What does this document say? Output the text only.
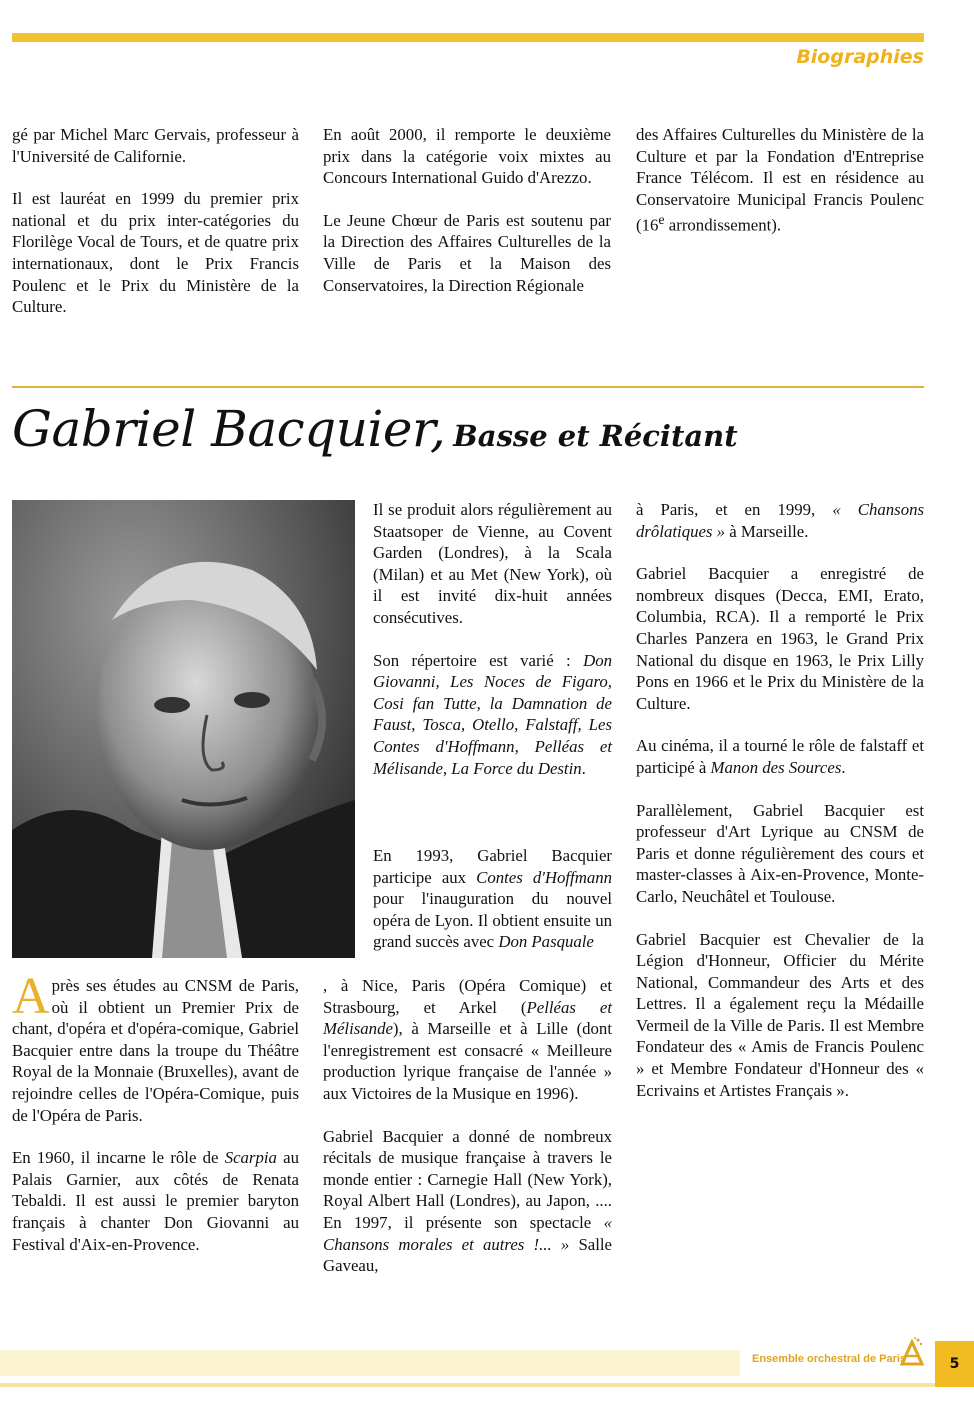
Biographies

gé par Michel Marc Gervais, professeur à l'Université de Californie.

Il est lauréat en 1999 du premier prix national et du prix inter-catégories du Florilège Vocal de Tours, et de quatre prix internationaux, dont le Prix Francis Poulenc et le Prix du Ministère de la Culture.

En août 2000, il remporte le deuxième prix dans la catégorie voix mixtes au Concours International Guido d'Arezzo.

Le Jeune Chœur de Paris est soutenu par la Direction des Affaires Culturelles de la Ville de Paris et la Maison des Conservatoires, la Direction Régionale

des Affaires Culturelles du Ministère de la Culture et par la Fondation d'Entreprise France Télécom. Il est en résidence au Conservatoire Municipal Francis Poulenc (16e arrondissement).

Gabriel Bacquier, Basse et Récitant

Après ses études au CNSM de Paris, où il obtient un Premier Prix de chant, d'opéra et d'opéra-comique, Gabriel Bacquier entre dans la troupe du Théâtre Royal de la Monnaie (Bruxelles), avant de rejoindre celles de l'Opéra-Comique, puis de l'Opéra de Paris.

En 1960, il incarne le rôle de Scarpia au Palais Garnier, aux côtés de Renata Tebaldi. Il est aussi le premier baryton français à chanter Don Giovanni au Festival d'Aix-en-Provence.

Il se produit alors régulièrement au Staatsoper de Vienne, au Covent Garden (Londres), à la Scala (Milan) et au Met (New York), où il est invité dix-huit années consécutives.

Son répertoire est varié : Don Giovanni, Les Noces de Figaro, Cosi fan Tutte, la Damnation de Faust, Tosca, Otello, Falstaff, Les Contes d'Hoffmann, Pelléas et Mélisande, La Force du Destin.

En 1993, Gabriel Bacquier participe aux Contes d'Hoffmann pour l'inauguration du nouvel opéra de Lyon. Il obtient ensuite un grand succès avec Don Pasquale

, à Nice, Paris (Opéra Comique) et Strasbourg, et Arkel (Pelléas et Mélisande), à Marseille et à Lille (dont l'enregistrement est consacré « Meilleure production lyrique française de l'année » aux Victoires de la Musique en 1996).

Gabriel Bacquier a donné de nombreux récitals de musique française à travers le monde entier : Carnegie Hall (New York), Royal Albert Hall (Londres), au Japon, .... En 1997, il présente son spectacle « Chansons morales et autres !... » Salle Gaveau,

à Paris, et en 1999, « Chansons drôlatiques » à Marseille.

Gabriel Bacquier a enregistré de nombreux disques (Decca, EMI, Erato, Columbia, RCA). Il a remporté le Prix Charles Panzera en 1963, le Grand Prix National du disque en 1963, le Prix Lilly Pons en 1966 et le Prix du Ministère de la Culture.

Au cinéma, il a tourné le rôle de falstaff et participé à Manon des Sources.

Parallèlement, Gabriel Bacquier est professeur d'Art Lyrique au CNSM de Paris et donne régulièrement des cours et master-classes à Aix-en-Provence, Monte-Carlo, Neuchâtel et Toulouse.

Gabriel Bacquier est Chevalier de la Légion d'Honneur, Officier du Mérite National, Commandeur des Arts et des Lettres. Il a également reçu la Médaille Vermeil de la Ville de Paris. Il est Membre Fondateur des « Amis de Francis Poulenc » et Membre Fondateur d'Honneur des « Ecrivains et Artistes Français ».

Ensemble orchestral de Paris	5
